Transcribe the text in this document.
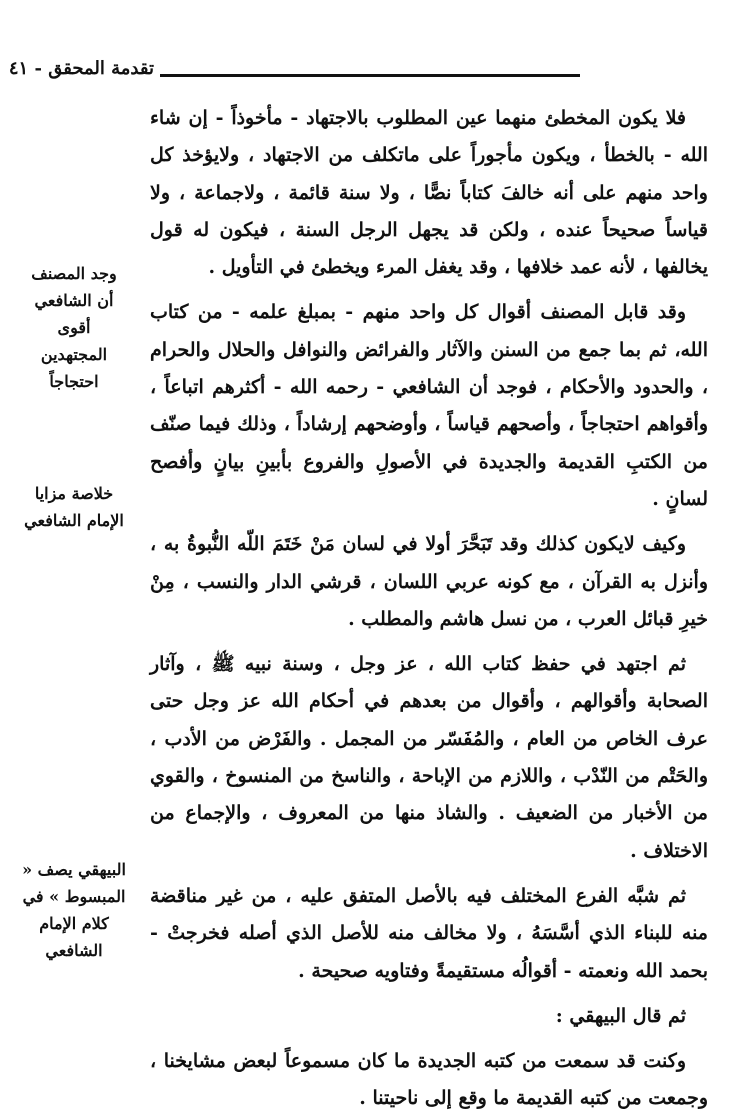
تقدمة المحقق - ٤١

فلا يكون المخطئ منهما عين المطلوب بالاجتهاد - مأخوذاً - إن شاء الله - بالخطأ ، ويكون مأجوراً على ماتكلف من الاجتهاد ، ولايؤخذ كل واحد منهم على أنه خالفَ كتاباً نصًّا ، ولا سنة قائمة ، ولاجماعة ، ولا قياساً صحيحاً عنده ، ولكن قد يجهل الرجل السنة ، فيكون له قول يخالفها ، لأنه عمد خلافها ، وقد يغفل المرء ويخطئ في التأويل .

وقد قابل المصنف أقوال كل واحد منهم - بمبلغ علمه - من كتاب الله، ثم بما جمع من السنن والآثار والفرائض والنوافل والحلال والحرام ، والحدود والأحكام ، فوجد أن الشافعي - رحمه الله - أكثرهم اتباعاً ، وأقواهم احتجاجاً ، وأصحهم قياساً ، وأوضحهم إرشاداً ، وذلك فيما صنّف من الكتبِ القديمة والجديدة في الأصولِ والفروع بأبينِ بيانٍ وأفصح لسانٍ .

وكيف لايكون كذلك وقد تَبَحَّرَ أولا في لسان مَنْ خَتَمَ اللّه النُّبوةُ به ، وأنزل به القرآن ، مع كونه عربي اللسان ، قرشي الدار والنسب ، مِنْ خيرِ قبائل العرب ، من نسل هاشم والمطلب .

ثم اجتهد في حفظ كتاب الله ، عز وجل ، وسنة نبيه ﷺ ، وآثار الصحابة وأقوالهم ، وأقوال من بعدهم في أحكام الله عز وجل حتى عرف الخاص من العام ، والمُفَسّر من المجمل . والفَرْض من الأدب ، والحَتْم من النّدْب ، واللازم من الإباحة ، والناسخ من المنسوخ ، والقوي من الأخبار من الضعيف . والشاذ منها من المعروف ، والإجماع من الاختلاف .

ثم شبَّه الفرع المختلف فيه بالأصل المتفق عليه ، من غير مناقضة منه للبناء الذي أسَّسَهُ ، ولا مخالف منه للأصل الذي أصله فخرجتْ - بحمد الله ونعمته - أقوالُه مستقيمةً وفتاويه صحيحة .

ثم قال البيهقي :

وكنت قد سمعت من كتبه الجديدة ما كان مسموعاً لبعض مشايخنا ، وجمعت من كتبه القديمة ما وقع إلى ناحيتنا .

وجد المصنف أن الشافعي أقوى المجتهدين احتجاجاً
خلاصة مزايا الإمام الشافعي
البيهقي يصف « المبسوط » في كلام الإمام الشافعي
